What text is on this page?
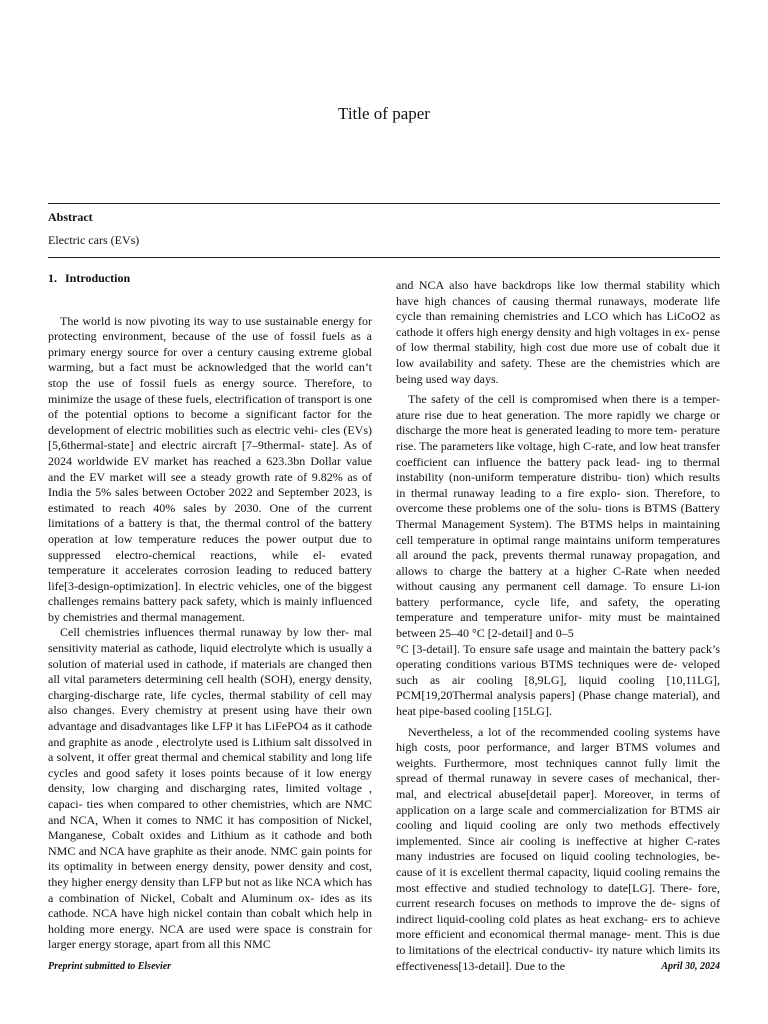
Title of paper
Abstract
Electric cars (EVs)
1. Introduction

The world is now pivoting its way to use sustainable energy for protecting environment, because of the use of fossil fuels as a primary energy source for over a century causing extreme global warming, but a fact must be acknowledged that the world can’t stop the use of fossil fuels as energy source. Therefore, to minimize the usage of these fuels, electrification of transport is one of the potential options to become a significant factor for the development of electric mobilities such as electric vehi- cles (EVs) [5,6thermal-state] and electric aircraft [7–9thermal- state]. As of 2024 worldwide EV market has reached a 623.3bn Dollar value and the EV market will see a steady growth rate of 9.82% as of India the 5% sales between October 2022 and September 2023, is estimated to reach 40% sales by 2030. One of the current limitations of a battery is that, the thermal control of the battery operation at low temperature reduces the power output due to suppressed electro-chemical reactions, while el- evated temperature it accelerates corrosion leading to reduced battery life[3-design-optimization]. In electric vehicles, one of the biggest challenges remains battery pack safety, which is mainly influenced by chemistries and thermal management.

Cell chemistries influences thermal runaway by low ther- mal sensitivity material as cathode, liquid electrolyte which is usually a solution of material used in cathode, if materials are changed then all vital parameters determining cell health (SOH), energy density, charging-discharge rate, life cycles, thermal stability of cell may also changes. Every chemistry at present using have their own advantage and disadvantages like LFP it has LiFePO4 as it cathode and graphite as anode , electrolyte used is Lithium salt dissolved in a solvent, it offer great thermal and chemical stability and long life cycles and good safety it loses points because of it low energy density, low charging and discharging rates, limited voltage , capaci- ties when compared to other chemistries, which are NMC and NCA, When it comes to NMC it has composition of Nickel, Manganese, Cobalt oxides and Lithium as it cathode and both NMC and NCA have graphite as their anode. NMC gain points for its optimality in between energy density, power density and cost, they higher energy density than LFP but not as like NCA which has a combination of Nickel, Cobalt and Aluminum ox- ides as its cathode. NCA have high nickel contain than cobalt which help in holding more energy. NCA are used were space is constrain for larger energy storage, apart from all this NMC

and NCA also have backdrops like low thermal stability which have high chances of causing thermal runaways, moderate life cycle than remaining chemistries and LCO which has LiCoO2 as cathode it offers high energy density and high voltages in ex- pense of low thermal stability, high cost due more use of cobalt due it low availability and safety. These are the chemistries which are being used way days.

The safety of the cell is compromised when there is a temper- ature rise due to heat generation. The more rapidly we charge or discharge the more heat is generated leading to more tem- perature rise. The parameters like voltage, high C-rate, and low heat transfer coefficient can influence the battery pack lead- ing to thermal instability (non-uniform temperature distribu- tion) which results in thermal runaway leading to a fire explo- sion. Therefore, to overcome these problems one of the solu- tions is BTMS (Battery Thermal Management System). The BTMS helps in maintaining cell temperature in optimal range maintains uniform temperatures all around the pack, prevents thermal runaway propagation, and allows to charge the battery at a higher C-Rate when needed without causing any permanent cell damage. To ensure Li-ion battery performance, cycle life, and safety, the operating temperature and temperature unifor- mity must be maintained between 25–40 °C [2-detail] and 0–5

°C [3-detail]. To ensure safe usage and maintain the battery pack’s operating conditions various BTMS techniques were de- veloped such as air cooling [8,9LG], liquid cooling [10,11LG], PCM[19,20Thermal analysis papers] (Phase change material), and heat pipe-based cooling [15LG].

Nevertheless, a lot of the recommended cooling systems have high costs, poor performance, and larger BTMS volumes and weights. Furthermore, most techniques cannot fully limit the spread of thermal runaway in severe cases of mechanical, ther- mal, and electrical abuse[detail paper]. Moreover, in terms of application on a large scale and commercialization for BTMS air cooling and liquid cooling are only two methods effectively implemented. Since air cooling is ineffective at higher C-rates many industries are focused on liquid cooling technologies, be- cause of it is excellent thermal capacity, liquid cooling remains the most effective and studied technology to date[LG]. There- fore, current research focuses on methods to improve the de- signs of indirect liquid-cooling cold plates as heat exchang- ers to achieve more efficient and economical thermal manage- ment. This is due to limitations of the electrical conductiv- ity nature which limits its effectiveness[13-detail]. Due to the

Preprint submitted to Elsevier	April 30, 2024
